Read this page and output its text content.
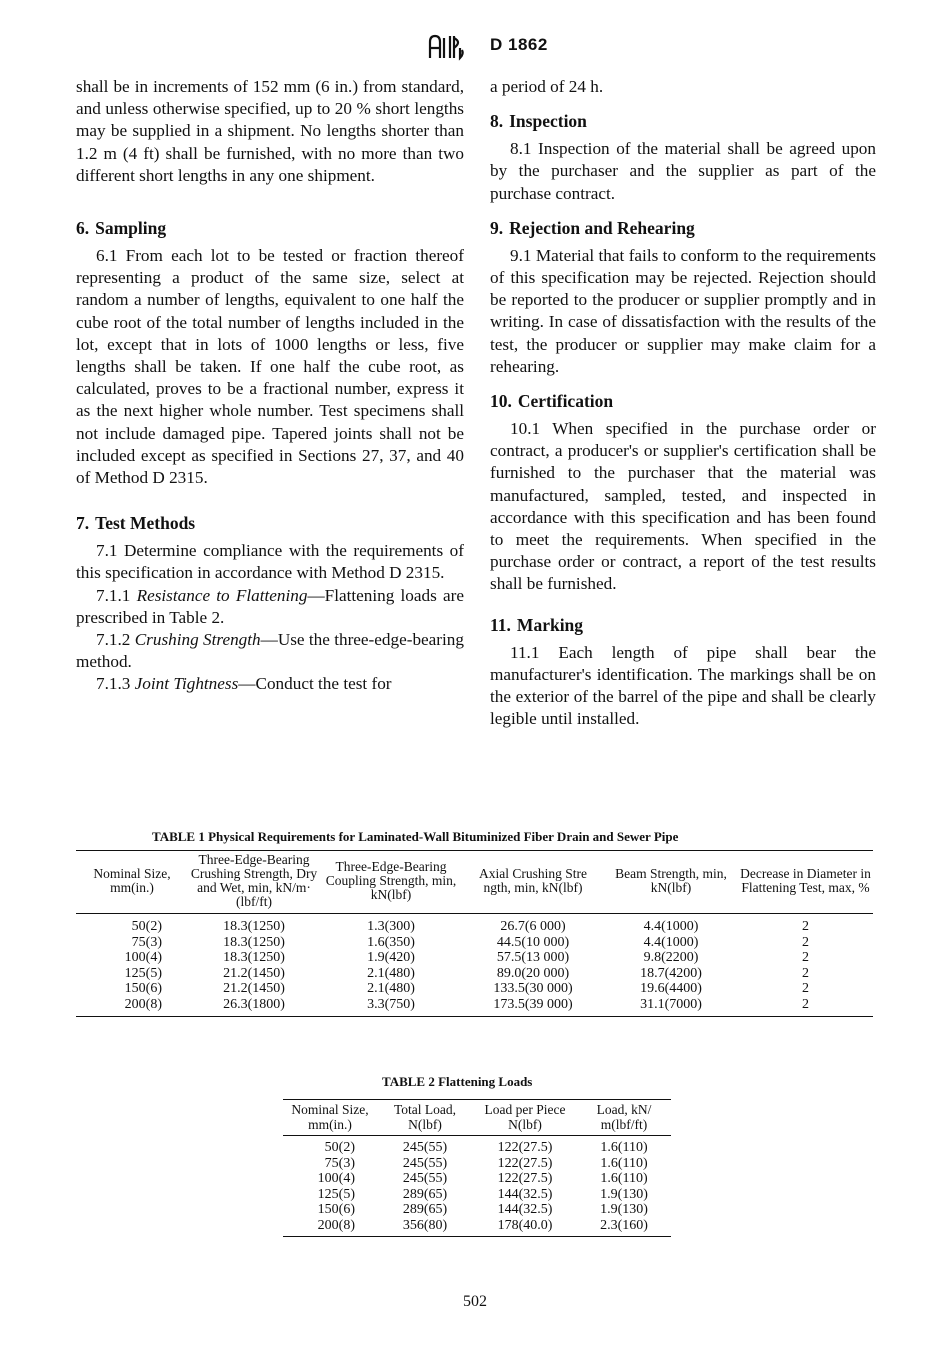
D 1862

shall be in increments of 152 mm (6 in.) from standard, and unless otherwise specified, up to 20 % short lengths may be supplied in a shipment. No lengths shorter than 1.2 m (4 ft) shall be furnished, with no more than two different short lengths in any one shipment.

6. Sampling

6.1 From each lot to be tested or fraction thereof representing a product of the same size, select at random a number of lengths, equivalent to one half the cube root of the total number of lengths included in the lot, except that in lots of 1000 lengths or less, five lengths shall be taken. If one half the cube root, as calculated, proves to be a fractional number, express it as the next higher whole number. Test specimens shall not include damaged pipe. Tapered joints shall not be included except as specified in Sections 27, 37, and 40 of Method D 2315.

7. Test Methods

7.1 Determine compliance with the requirements of this specification in accordance with Method D 2315.

7.1.1 Resistance to Flattening—Flattening loads are prescribed in Table 2.

7.1.2 Crushing Strength—Use the three-edge-bearing method.

7.1.3 Joint Tightness—Conduct the test for

a period of 24 h.

8. Inspection

8.1 Inspection of the material shall be agreed upon by the purchaser and the supplier as part of the purchase contract.

9. Rejection and Rehearing

9.1 Material that fails to conform to the requirements of this specification may be rejected. Rejection should be reported to the producer or supplier promptly and in writing. In case of dissatisfaction with the results of the test, the producer or supplier may make claim for a rehearing.

10. Certification

10.1 When specified in the purchase order or contract, a producer's or supplier's certification shall be furnished to the purchaser that the material was manufactured, sampled, tested, and inspected in accordance with this specification and has been found to meet the requirements. When specified in the purchase order or contract, a report of the test results shall be furnished.

11. Marking

11.1 Each length of pipe shall bear the manufacturer's identification. The markings shall be on the exterior of the barrel of the pipe and shall be clearly legible until installed.

TABLE 1 Physical Requirements for Laminated-Wall Bituminized Fiber Drain and Sewer Pipe
Nominal Size, mm(in.)	Three-Edge-Bearing Crushing Strength, Dry and Wet, min, kN/m· (lbf/ft)	Three-Edge-Bearing Coupling Strength, min, kN(lbf)	Axial Crushing Stre ngth, min, kN(lbf)	Beam Strength, min, kN(lbf)	Decrease in Diameter in Flattening Test, max, %
50(2)	18.3(1250)	1.3(300)	26.7(6 000)	4.4(1000)	2
75(3)	18.3(1250)	1.6(350)	44.5(10 000)	4.4(1000)	2
100(4)	18.3(1250)	1.9(420)	57.5(13 000)	9.8(2200)	2
125(5)	21.2(1450)	2.1(480)	89.0(20 000)	18.7(4200)	2
150(6)	21.2(1450)	2.1(480)	133.5(30 000)	19.6(4400)	2
200(8)	26.3(1800)	3.3(750)	173.5(39 000)	31.1(7000)	2
TABLE 2 Flattening Loads
Nominal Size, mm(in.)	Total Load, N(lbf)	Load per Piece N(lbf)	Load, kN/ m(lbf/ft)
50(2)	245(55)	122(27.5)	1.6(110)
75(3)	245(55)	122(27.5)	1.6(110)
100(4)	245(55)	122(27.5)	1.6(110)
125(5)	289(65)	144(32.5)	1.9(130)
150(6)	289(65)	144(32.5)	1.9(130)
200(8)	356(80)	178(40.0)	2.3(160)
502
